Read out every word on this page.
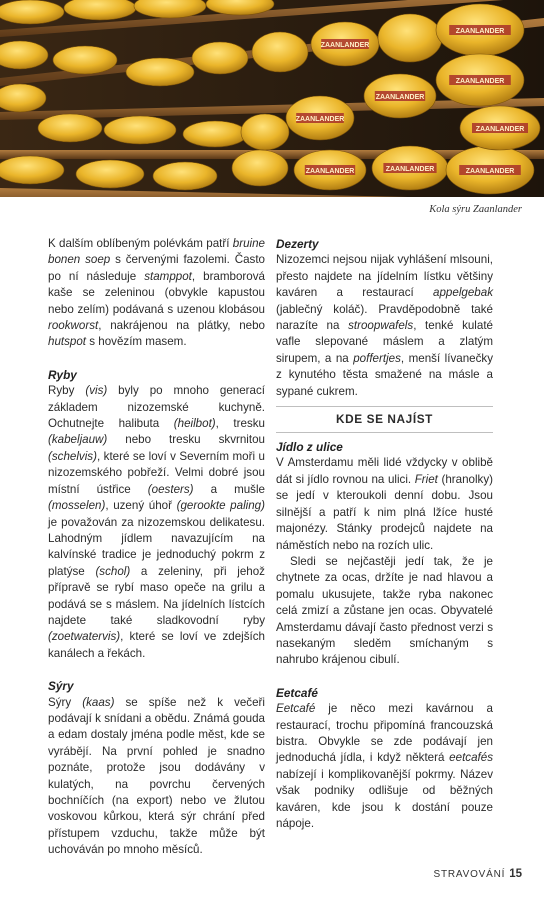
ZAANLANDER
ZAANLANDER
ZAANLANDER
ZAANLANDER
ZAANLANDER
ZAANLANDER	ZAANLANDER	ZAANLANDER
ZAANLANDER
Kola sýru Zaanlander

K dalším oblíbeným polévkám patří bruine bonen soep s červenými fazolemi. Často po ní následuje stamppot, bramborová kaše se zeleninou (obvykle kapustou nebo zelím) podávaná s uzenou klobásou rookworst, nakrájenou na plátky, nebo hutspot s hovězím masem.

Ryby

Ryby (vis) byly po mnoho generací základem nizozemské kuchyně. Ochutnejte halibuta (heilbot), tresku (kabeljauw) nebo tresku skvrnitou (schelvis), které se loví v Severním moři u nizozemského pobřeží. Velmi dobré jsou místní ústřice (oesters) a mušle (mosselen), uzený úhoř (gerookte paling) je považován za nizozemskou delikatesu. Lahodným jídlem navazujícím na kalvínské tradice je jednoduchý pokrm z platýse (schol) a zeleniny, při jehož přípravě se rybí maso opeče na grilu a podává se s máslem. Na jídelních lístcích najdete také sladkovodní ryby (zoetwatervis), které se loví ve zdejších kanálech a řekách.

Sýry

Sýry (kaas) se spíše než k večeři podávají k snídani a obědu. Známá gouda a edam dostaly jména podle měst, kde se vyrábějí. Na první pohled je snadno poznáte, protože jsou dodávány v kulatých, na povrchu červených bochníčích (na export) nebo ve žlutou voskovou kůrkou, která sýr chrání před přístupem vzduchu, takže může být uchováván po mnoho měsíců.

Dezerty

Nizozemci nejsou nijak vyhlášení mlsouni, přesto najdete na jídelním lístku většiny kaváren a restaurací appelgebak (jablečný koláč). Pravděpodobně také narazíte na stroopwafels, tenké kulaté vafle slepované máslem a zlatým sirupem, a na poffertjes, menší lívanečky z kynutého těsta smažené na másle a sypané cukrem.

KDE SE NAJÍST
Jídlo z ulice

V Amsterdamu měli lidé vždycky v oblibě dát si jídlo rovnou na ulici. Friet (hranolky) se jedí v kteroukoli denní dobu. Jsou silnější a patří k nim plná lžíce husté majonézy. Stánky prodejců najdete na náměstích nebo na rozích ulic.

Sledi se nejčastěji jedí tak, že je chytnete za ocas, držíte je nad hlavou a pomalu ukusujete, takže ryba nakonec celá zmizí a zůstane jen ocas. Obyvatelé Amsterdamu dávají často přednost verzi s nasekaným sleděm smíchaným s nahrubo krájenou cibulí.

Eetcafé

Eetcafé je něco mezi kavárnou a restaurací, trochu připomíná francouzská bistra. Obvykle se zde podávají jen jednoduchá jídla, i když některá eetcafés nabízejí i komplikovanější pokrmy. Název však podniky odlišuje od běžných kaváren, kde jsou k dostání pouze nápoje.

STRAVOVÁNÍ 15
